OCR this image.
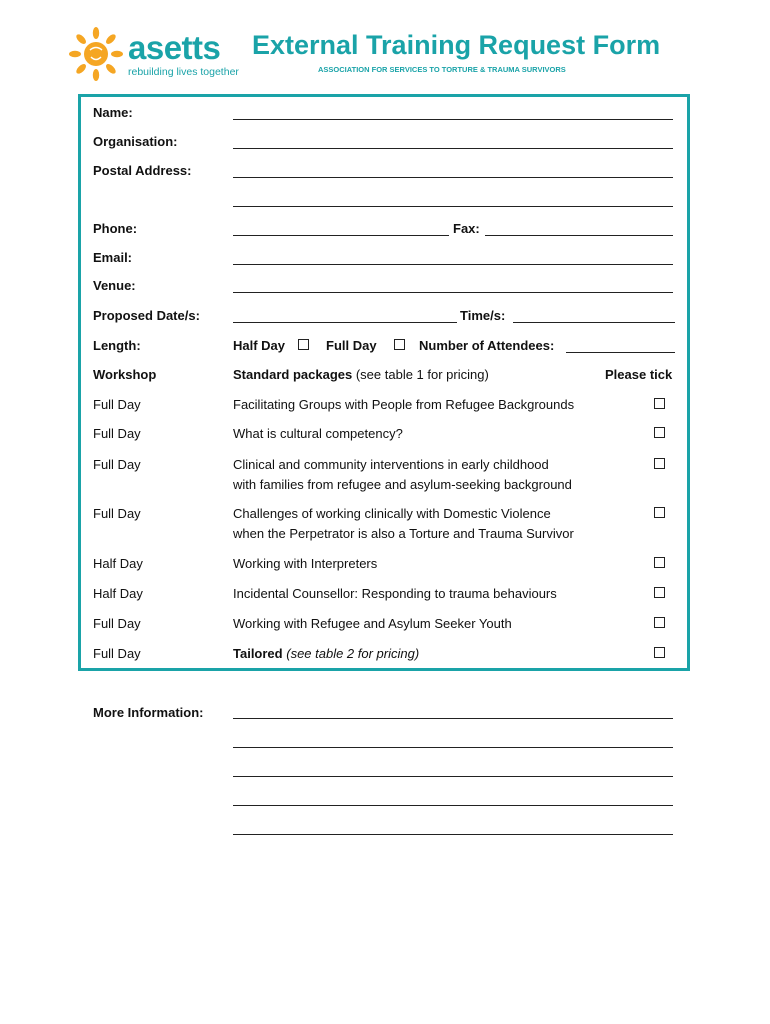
asetts
rebuilding lives together
External Training Request Form
ASSOCIATION FOR SERVICES TO TORTURE & TRAUMA SURVIVORS
Name:
Organisation:
Postal Address:
Phone:	Fax:
Email:
Venue:
Proposed Date/s:	Time/s:
Length:	Half Day	Full Day	Number of Attendees:
Workshop	Standard packages (see table 1 for pricing)	Please tick
Full Day	Facilitating Groups with People from Refugee Backgrounds
Full Day	What is cultural competency?
Full Day	Clinical and community interventions in early childhood
with families from refugee and asylum-seeking background
Full Day	Challenges of working clinically with Domestic Violence
when the Perpetrator is also a Torture and Trauma Survivor
Half Day	Working with Interpreters
Half Day	Incidental Counsellor: Responding to trauma behaviours
Full Day	Working with Refugee and Asylum Seeker Youth
Full Day	Tailored (see table 2 for pricing)
More Information:
